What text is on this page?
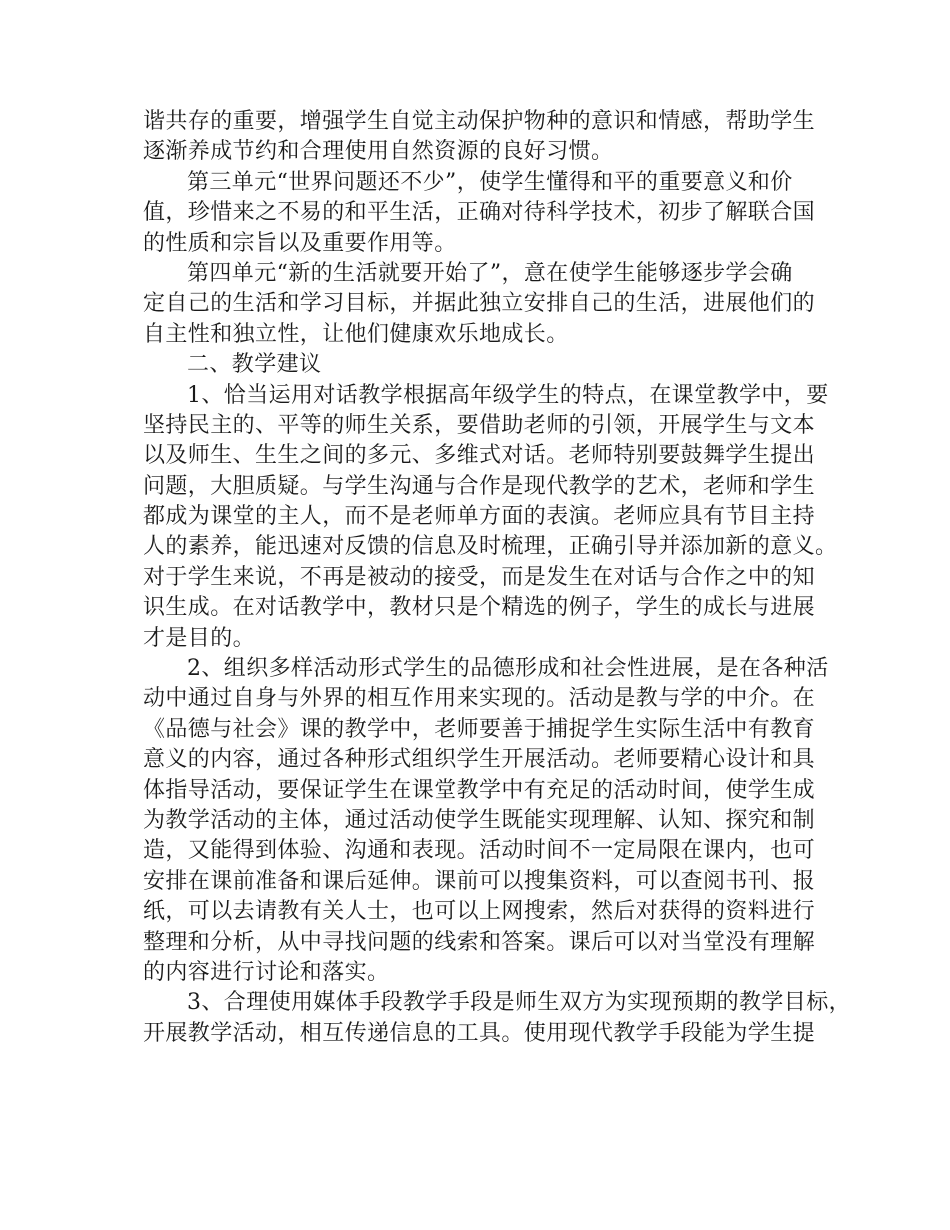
谐共存的重要，增强学生自觉主动保护物种的意识和情感，帮助学生
逐渐养成节约和合理使用自然资源的良好习惯。
第三单元“世界问题还不少”，使学生懂得和平的重要意义和价
值，珍惜来之不易的和平生活，正确对待科学技术，初步了解联合国
的性质和宗旨以及重要作用等。
第四单元“新的生活就要开始了”，意在使学生能够逐步学会确
定自己的生活和学习目标，并据此独立安排自己的生活，进展他们的
自主性和独立性，让他们健康欢乐地成长。
二、教学建议
1、恰当运用对话教学根据高年级学生的特点，在课堂教学中，要
坚持民主的、平等的师生关系，要借助老师的引领，开展学生与文本
以及师生、生生之间的多元、多维式对话。老师特别要鼓舞学生提出
问题，大胆质疑。与学生沟通与合作是现代教学的艺术，老师和学生
都成为课堂的主人，而不是老师单方面的表演。老师应具有节目主持
人的素养，能迅速对反馈的信息及时梳理，正确引导并添加新的意义。
对于学生来说，不再是被动的接受，而是发生在对话与合作之中的知
识生成。在对话教学中，教材只是个精选的例子，学生的成长与进展
才是目的。
2、组织多样活动形式学生的品德形成和社会性进展，是在各种活
动中通过自身与外界的相互作用来实现的。活动是教与学的中介。在
《品德与社会》课的教学中，老师要善于捕捉学生实际生活中有教育
意义的内容，通过各种形式组织学生开展活动。老师要精心设计和具
体指导活动，要保证学生在课堂教学中有充足的活动时间，使学生成
为教学活动的主体，通过活动使学生既能实现理解、认知、探究和制
造，又能得到体验、沟通和表现。活动时间不一定局限在课内，也可
安排在课前准备和课后延伸。课前可以搜集资料，可以查阅书刊、报
纸，可以去请教有关人士，也可以上网搜索，然后对获得的资料进行
整理和分析，从中寻找问题的线索和答案。课后可以对当堂没有理解
的内容进行讨论和落实。
3、合理使用媒体手段教学手段是师生双方为实现预期的教学目标，
开展教学活动，相互传递信息的工具。使用现代教学手段能为学生提
